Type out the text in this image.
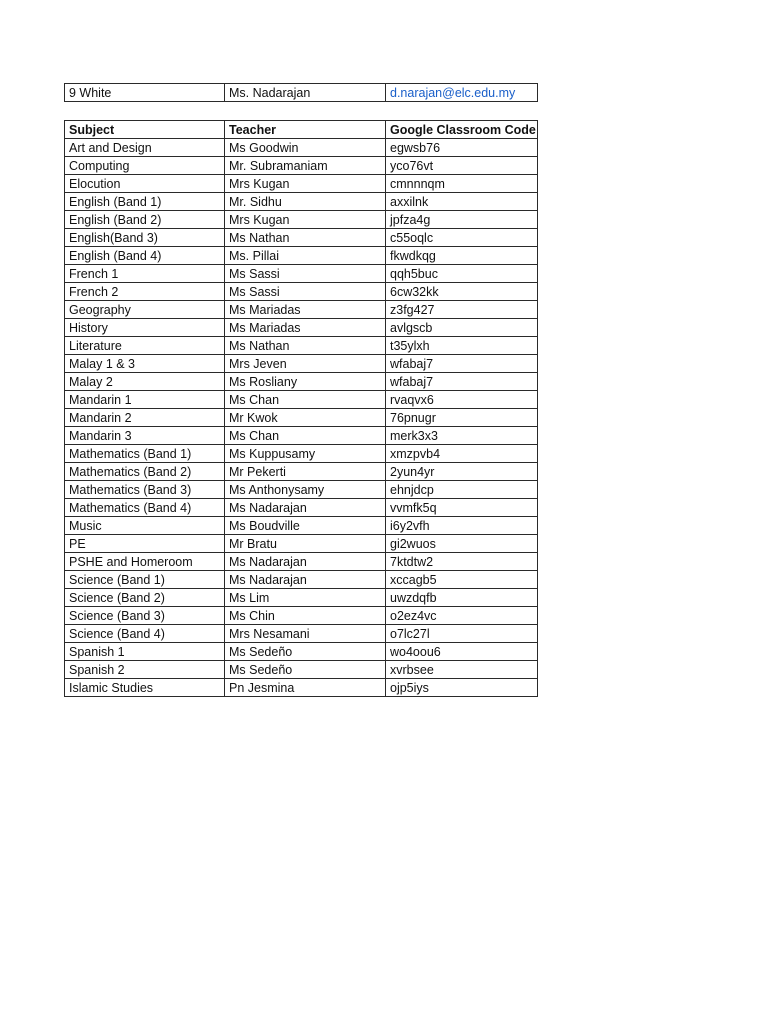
9 White	Ms. Nadarajan	d.narajan@elc.edu.my
Subject	Teacher	Google Classroom Code
Art and Design	Ms Goodwin	egwsb76
Computing	Mr. Subramaniam	yco76vt
Elocution	Mrs Kugan	cmnnnqm
English (Band 1)	Mr. Sidhu	axxilnk
English (Band 2)	Mrs Kugan	jpfza4g
English(Band 3)	Ms Nathan	c55oqlc
English (Band 4)	Ms. Pillai	fkwdkqg
French 1	Ms Sassi	qqh5buc
French 2	Ms Sassi	6cw32kk
Geography	Ms Mariadas	z3fg427
History	Ms Mariadas	avlgscb
Literature	Ms Nathan	t35ylxh
Malay 1 & 3	Mrs Jeven	wfabaj7
Malay 2	Ms Rosliany	wfabaj7
Mandarin 1	Ms Chan	rvaqvx6
Mandarin 2	Mr Kwok	76pnugr
Mandarin 3	Ms Chan	merk3x3
Mathematics (Band 1)	Ms Kuppusamy	xmzpvb4
Mathematics (Band 2)	Mr Pekerti	2yun4yr
Mathematics (Band 3)	Ms Anthonysamy	ehnjdcp
Mathematics (Band 4)	Ms Nadarajan	vvmfk5q
Music	Ms Boudville	i6y2vfh
PE	Mr Bratu	gi2wuos
PSHE and Homeroom	Ms Nadarajan	7ktdtw2
Science (Band 1)	Ms Nadarajan	xccagb5
Science (Band 2)	Ms Lim	uwzdqfb
Science (Band 3)	Ms Chin	o2ez4vc
Science (Band 4)	Mrs Nesamani	o7lc27l
Spanish 1	Ms Sedeño	wo4oou6
Spanish 2	Ms Sedeño	xvrbsee
Islamic Studies	Pn Jesmina	ojp5iys
